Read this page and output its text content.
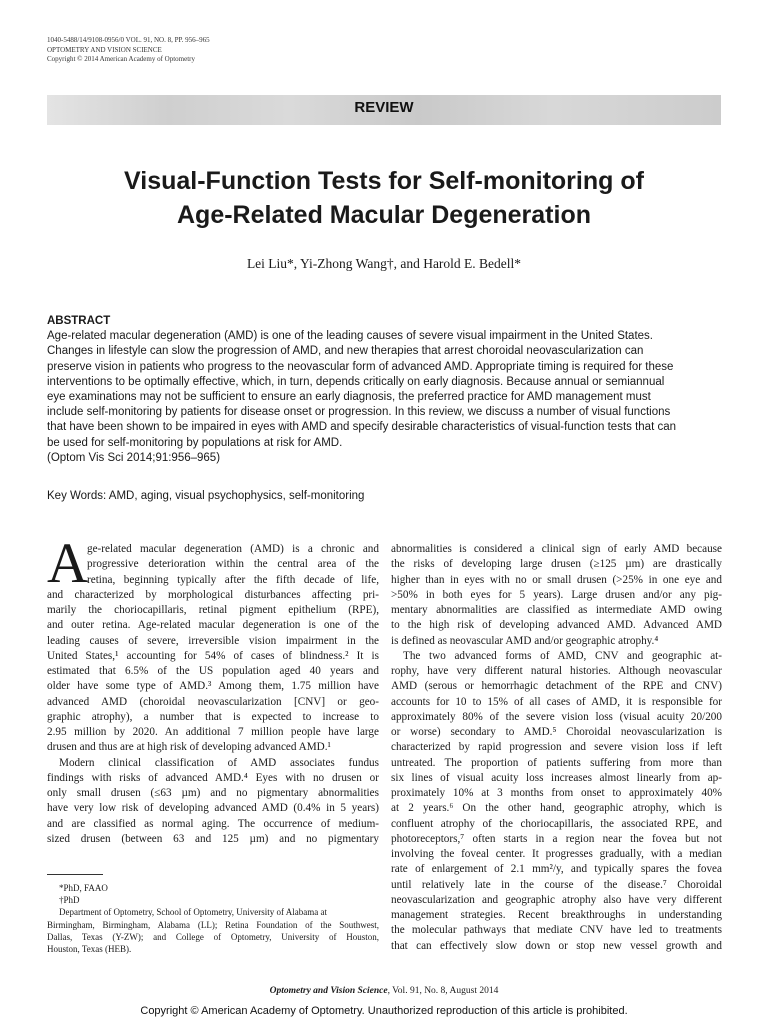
1040-5488/14/9108-0956/0 VOL. 91, NO. 8, PP. 956–965
OPTOMETRY AND VISION SCIENCE
Copyright © 2014 American Academy of Optometry
REVIEW
Visual-Function Tests for Self-monitoring of
Age-Related Macular Degeneration
Lei Liu*, Yi-Zhong Wang†, and Harold E. Bedell*
ABSTRACT
Age-related macular degeneration (AMD) is one of the leading causes of severe visual impairment in the United States.
Changes in lifestyle can slow the progression of AMD, and new therapies that arrest choroidal neovascularization can
preserve vision in patients who progress to the neovascular form of advanced AMD. Appropriate timing is required for these
interventions to be optimally effective, which, in turn, depends critically on early diagnosis. Because annual or semiannual
eye examinations may not be sufficient to ensure an early diagnosis, the preferred practice for AMD management must
include self-monitoring by patients for disease onset or progression. In this review, we discuss a number of visual functions
that have been shown to be impaired in eyes with AMD and specify desirable characteristics of visual-function tests that can
be used for self-monitoring by populations at risk for AMD.
(Optom Vis Sci 2014;91:956–965)
Key Words: AMD, aging, visual psychophysics, self-monitoring
A
ge-related macular degeneration (AMD) is a chronic and
progressive deterioration within the central area of the
retina, beginning typically after the fifth decade of life,
and characterized by morphological disturbances affecting pri-
marily the choriocapillaris, retinal pigment epithelium (RPE),
and outer retina. Age-related macular degeneration is one of the
leading causes of severe, irreversible vision impairment in the
United States,¹ accounting for 54% of cases of blindness.² It is
estimated that 6.5% of the US population aged 40 years and
older have some type of AMD.³ Among them, 1.75 million have
advanced AMD (choroidal neovascularization [CNV] or geo-
graphic atrophy), a number that is expected to increase to
2.95 million by 2020. An additional 7 million people have large
drusen and thus are at high risk of developing advanced AMD.¹
Modern clinical classification of AMD associates fundus
findings with risks of advanced AMD.⁴ Eyes with no drusen or
only small drusen (≤63 µm) and no pigmentary abnormalities
have very low risk of developing advanced AMD (0.4% in 5 years)
and are classified as normal aging. The occurrence of medium-
sized drusen (between 63 and 125 µm) and no pigmentary
*PhD, FAAO
†PhD
Department of Optometry, School of Optometry, University of Alabama at
Birmingham, Birmingham, Alabama (LL); Retina Foundation of the Southwest,
Dallas, Texas (Y-ZW); and College of Optometry, University of Houston,
Houston, Texas (HEB).
abnormalities is considered a clinical sign of early AMD because
the risks of developing large drusen (≥125 µm) are drastically
higher than in eyes with no or small drusen (>25% in one eye and
>50% in both eyes for 5 years). Large drusen and/or any pig-
mentary abnormalities are classified as intermediate AMD owing
to the high risk of developing advanced AMD. Advanced AMD
is defined as neovascular AMD and/or geographic atrophy.⁴
The two advanced forms of AMD, CNV and geographic at-
rophy, have very different natural histories. Although neovascular
AMD (serous or hemorrhagic detachment of the RPE and CNV)
accounts for 10 to 15% of all cases of AMD, it is responsible for
approximately 80% of the severe vision loss (visual acuity 20/200
or worse) secondary to AMD.⁵ Choroidal neovascularization is
characterized by rapid progression and severe vision loss if left
untreated. The proportion of patients suffering from more than
six lines of visual acuity loss increases almost linearly from ap-
proximately 10% at 3 months from onset to approximately 40%
at 2 years.⁶ On the other hand, geographic atrophy, which is
confluent atrophy of the choriocapillaris, the associated RPE, and
photoreceptors,⁷ often starts in a region near the fovea but not
involving the foveal center. It progresses gradually, with a median
rate of enlargement of 2.1 mm²/y, and typically spares the fovea
until relatively late in the course of the disease.⁷ Choroidal
neovascularization and geographic atrophy also have very different
management strategies. Recent breakthroughs in understanding
the molecular pathways that mediate CNV have led to treatments
that can effectively slow down or stop new vessel growth and
Optometry and Vision Science, Vol. 91, No. 8, August 2014
Copyright © American Academy of Optometry. Unauthorized reproduction of this article is prohibited.
